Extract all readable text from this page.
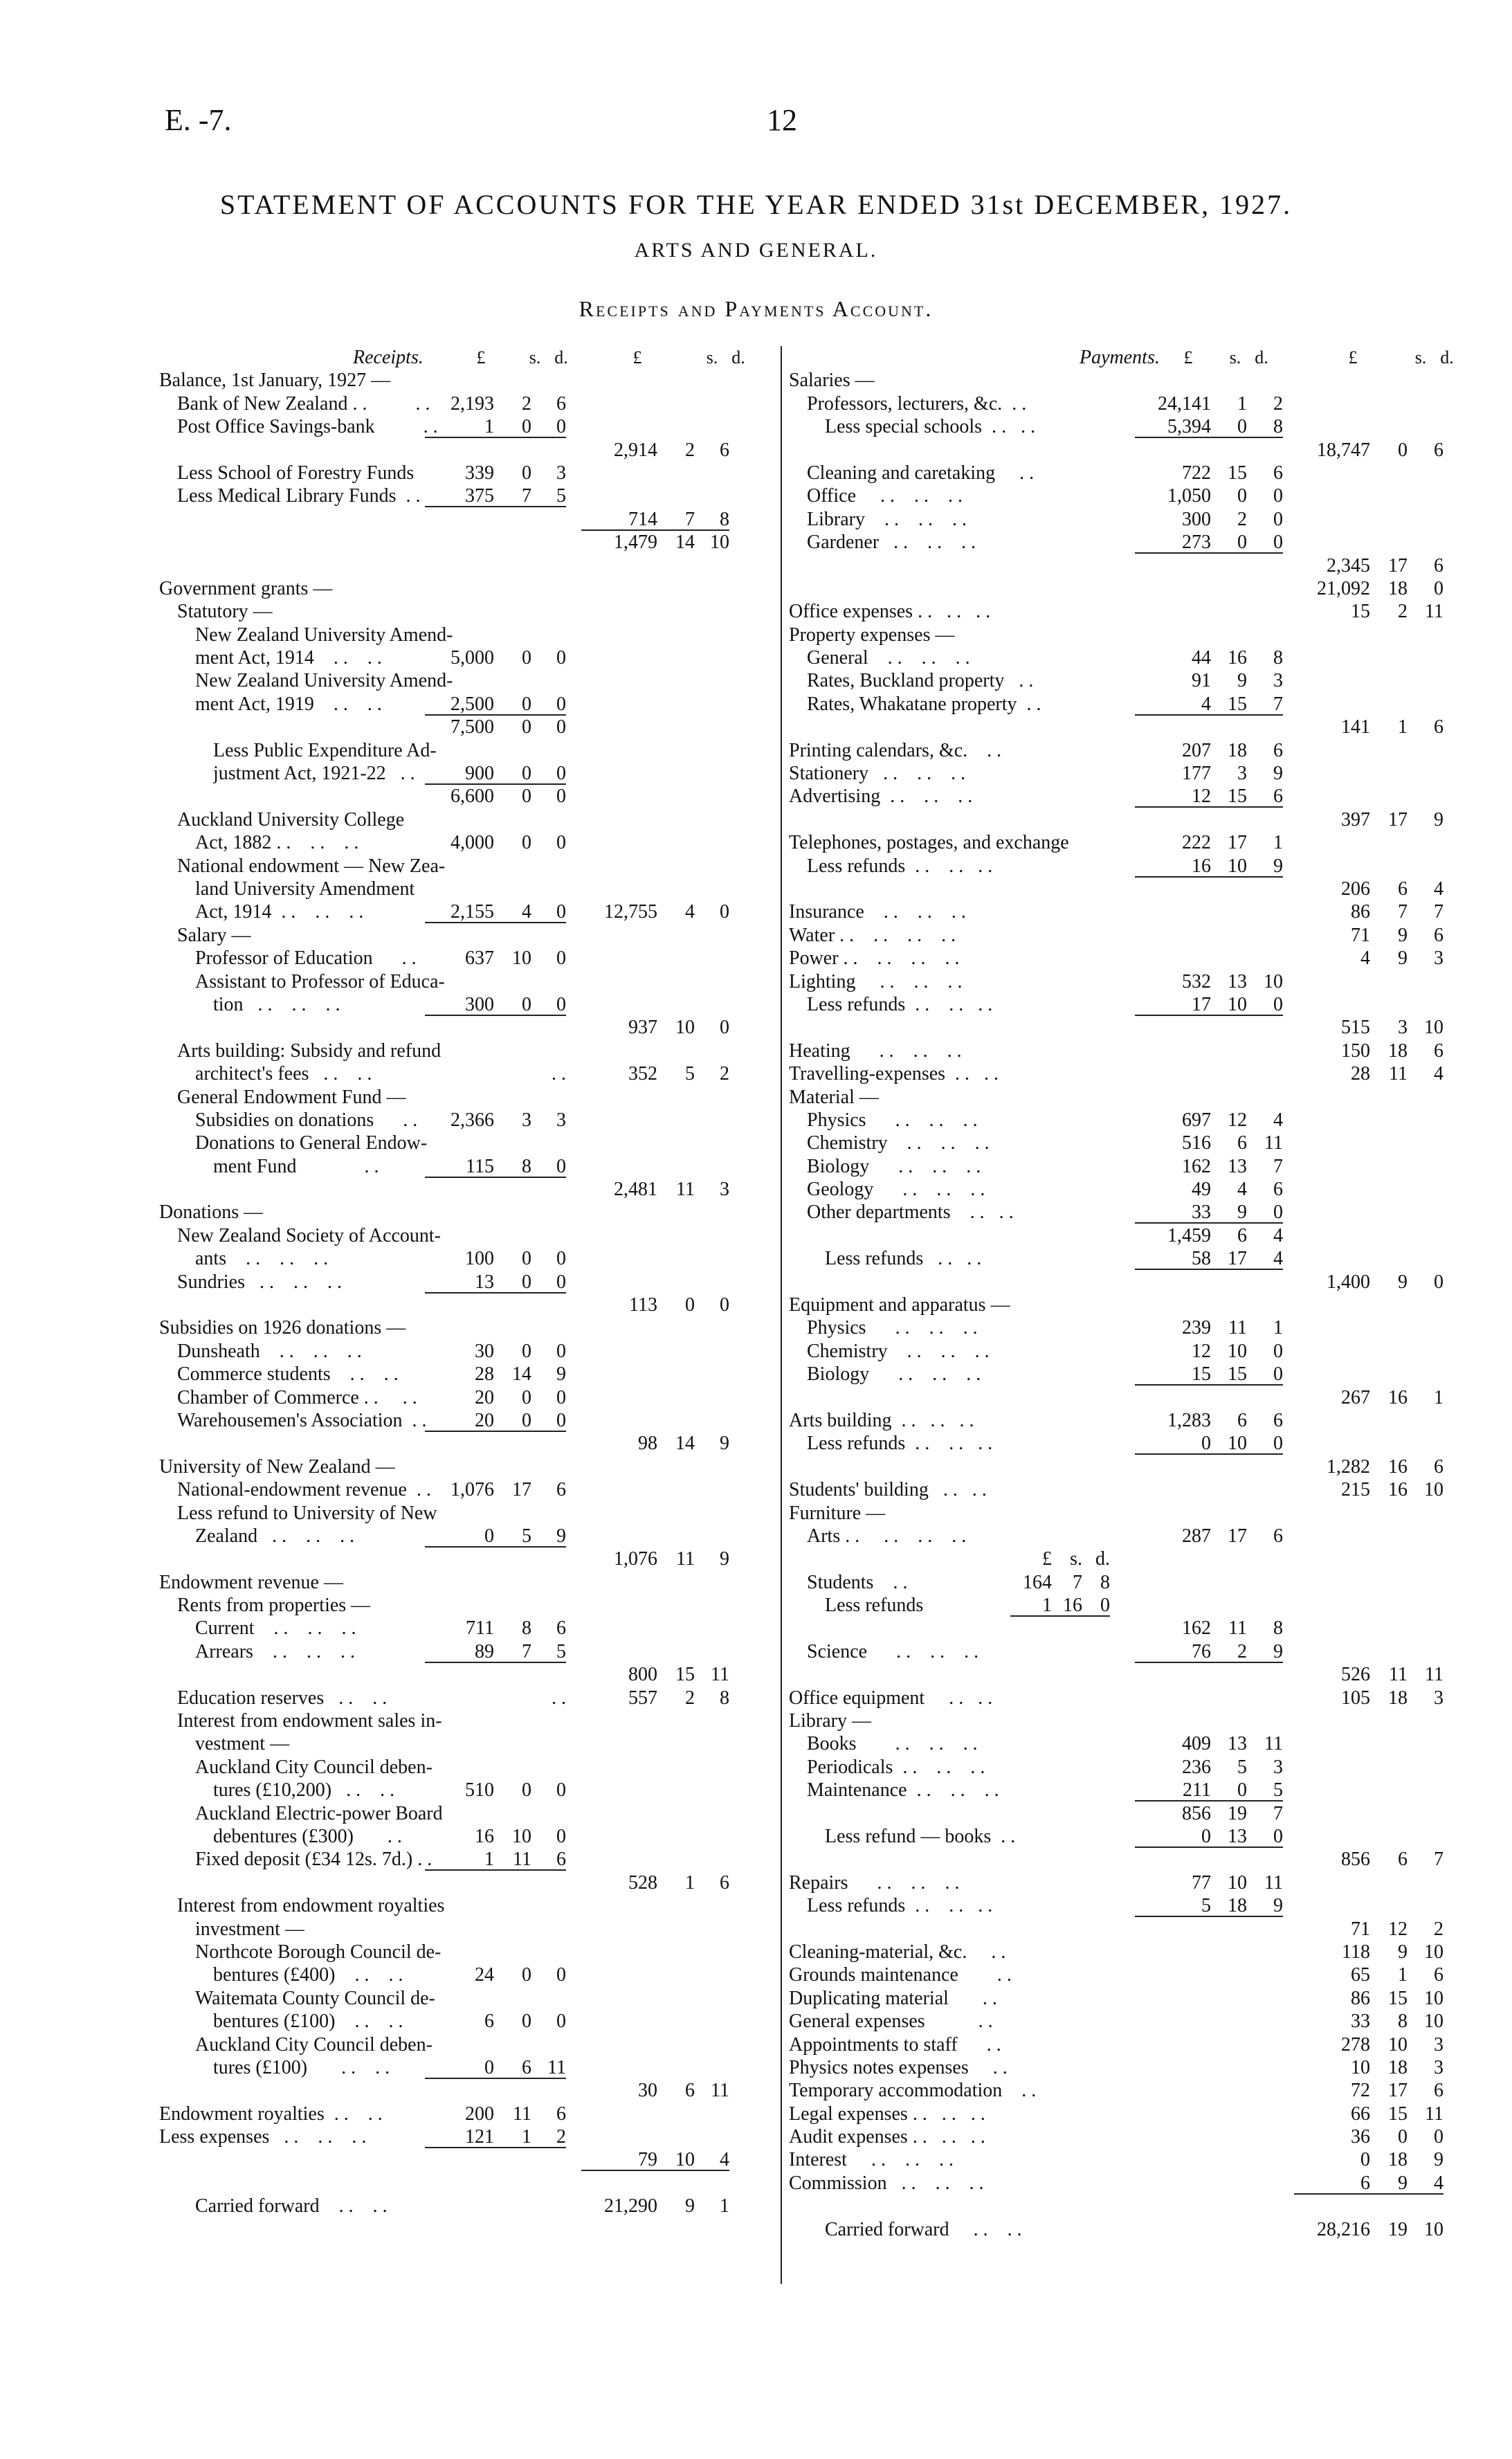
E. -7.	12
STATEMENT OF ACCOUNTS FOR THE YEAR ENDED 31st DECEMBER, 1927.
ARTS AND GENERAL.
Receipts and Payments Account.
Receipts.	£	s. d.	£	s. d.
Balance, 1st January, 1927 —
Bank of New Zealand . .          . .	2,193	2	6
Post Office Savings-bank          . .	1	0	0
2,914	2	6
Less School of Forestry Funds	339	0	3
Less Medical Library Funds  . .	375	7	5
714	7	8
1,479 14 10
Government grants —
Statutory —
New Zealand University Amend-
ment Act, 1914    . .    . .	5,000	0	0
New Zealand University Amend-
ment Act, 1919    . .    . .	2,500	0	0
7,500	0	0
Less Public Expenditure Ad-
justment Act, 1921-22   . .	900	0	0
6,600	0	0
Auckland University College
Act, 1882 . .    . .    . .	4,000	0	0
National endowment — New Zea-
land University Amendment
Act, 1914  . .    . .    . .	2,155	4	0	12,755	4	0
Salary —
Professor of Education      . .	637 10	0
Assistant to Professor of Educa-
tion   . .    . .    . .	300	0	0
937 10	0
Arts building: Subsidy and refund
architect's fees   . .    . .	. .	352	5	2
General Endowment Fund —
Subsidies on donations      . .	2,366	3	3
Donations to General Endow-
ment Fund              . .	115	8	0
2,481 11	3
Donations —
New Zealand Society of Account-
ants    . .    . .    . .	100	0	0
Sundries   . .    . .    . .	13	0	0
113	0	0
Subsidies on 1926 donations —
Dunsheath    . .    . .    . .	30	0	0
Commerce students    . .    . .	28 14	9
Chamber of Commerce . .     . .	20	0	0
Warehousemen's Association  . .	20	0	0
98 14	9
University of New Zealand —
National-endowment revenue  . .	1,076 17	6
Less refund to University of New
Zealand   . .    . .    . .	0	5	9
1,076 11	9
Endowment revenue —
Rents from properties —
Current    . .    . .    . .	711	8	6
Arrears    . .    . .    . .	89	7	5
800 15 11
Education reserves   . .    . .	. .	557	2	8
Interest from endowment sales in-
vestment —
Auckland City Council deben-
tures (£10,200)   . .    . .	510	0	0
Auckland Electric-power Board
debentures (£300)       . .	16 10	0
Fixed deposit (£34 12s. 7d.) . .	1 11	6
528	1	6
Interest from endowment royalties
investment —
Northcote Borough Council de-
bentures (£400)    . .    . .	24	0	0
Waitemata County Council de-
bentures (£100)    . .    . .	6	0	0
Auckland City Council deben-
tures (£100)       . .    . .	0	6 11
30	6 11
Endowment royalties  . .    . .	200 11	6
Less expenses   . .    . .    . .	121	1	2
79 10	4
Carried forward    . .    . .	21,290	9	1
Payments.	£	s. d.	£	s. d.
Salaries —
Professors, lecturers, &c.  . .	24,141	1	2
Less special schools  . .   . .	5,394	0	8
18,747	0	6
Cleaning and caretaking     . .	722 15	6
Office     . .    . .    . .	1,050	0	0
Library    . .    . .    . .	300	2	0
Gardener   . .    . .    . .	273	0	0
2,345 17	6
21,092 18	0
Office expenses . .   . .   . .	15	2 11
Property expenses —
General    . .    . .    . .	44 16	8
Rates, Buckland property   . .	91	9	3
Rates, Whakatane property  . .	4 15	7
141	1	6
Printing calendars, &c.    . .	207 18	6
Stationery   . .    . .    . .	177	3	9
Advertising  . .    . .    . .	12 15	6
397 17	9
Telephones, postages, and exchange	222 17	1
Less refunds  . .    . .   . .	16 10	9
206	6	4
Insurance    . .    . .    . .	86	7	7
Water . .    . .    . .    . .	71	9	6
Power . .    . .    . .    . .	4	9	3
Lighting     . .    . .    . .	532 13 10
Less refunds  . .    . .   . .	17 10	0
515	3 10
Heating      . .    . .    . .	150 18	6
Travelling-expenses  . .   . .	28 11	4
Material —
Physics      . .    . .    . .	697 12	4
Chemistry    . .    . .    . .	516	6 11
Biology      . .    . .    . .	162 13	7
Geology      . .    . .    . .	49	4	6
Other departments    . .   . .	33	9	0
1,459	6	4
Less refunds   . .   . .	58 17	4
1,400	9	0
Equipment and apparatus —
Physics      . .    . .    . .	239 11	1
Chemistry    . .    . .    . .	12 10	0
Biology      . .    . .    . .	15 15	0
267 16	1
Arts building  . .   . .   . .	1,283	6	6
Less refunds  . .    . .   . .	0 10	0
1,282 16	6
Students' building   . .   . .	215 16 10
Furniture —
Arts . .     . .    . .    . .	287 17	6
£ s. d.
Students    . .	164	7 8
Less refunds	1 16 0
162 11	8
Science      . .    . .    . .	76	2	9
526 11 11
Office equipment     . .   . .	105 18	3
Library —
Books        . .    . .    . .	409 13 11
Periodicals  . .    . .    . .	236	5	3
Maintenance  . .    . .    . .	211	0	5
856 19	7
Less refund — books  . .	0 13	0
856	6	7
Repairs      . .    . .    . .	77 10 11
Less refunds  . .    . .   . .	5 18	9
71 12	2
Cleaning-material, &c.     . .	118	9 10
Grounds maintenance        . .	65	1	6
Duplicating material       . .	86 15 10
General expenses           . .	33	8 10
Appointments to staff      . .	278 10	3
Physics notes expenses     . .	10 18	3
Temporary accommodation    . .	72 17	6
Legal expenses . .   . .   . .	66 15 11
Audit expenses . .   . .   . .	36	0	0
Interest     . .    . .    . .	0 18	9
Commission   . .    . .    . .	6	9	4
Carried forward     . .    . .	28,216 19 10
